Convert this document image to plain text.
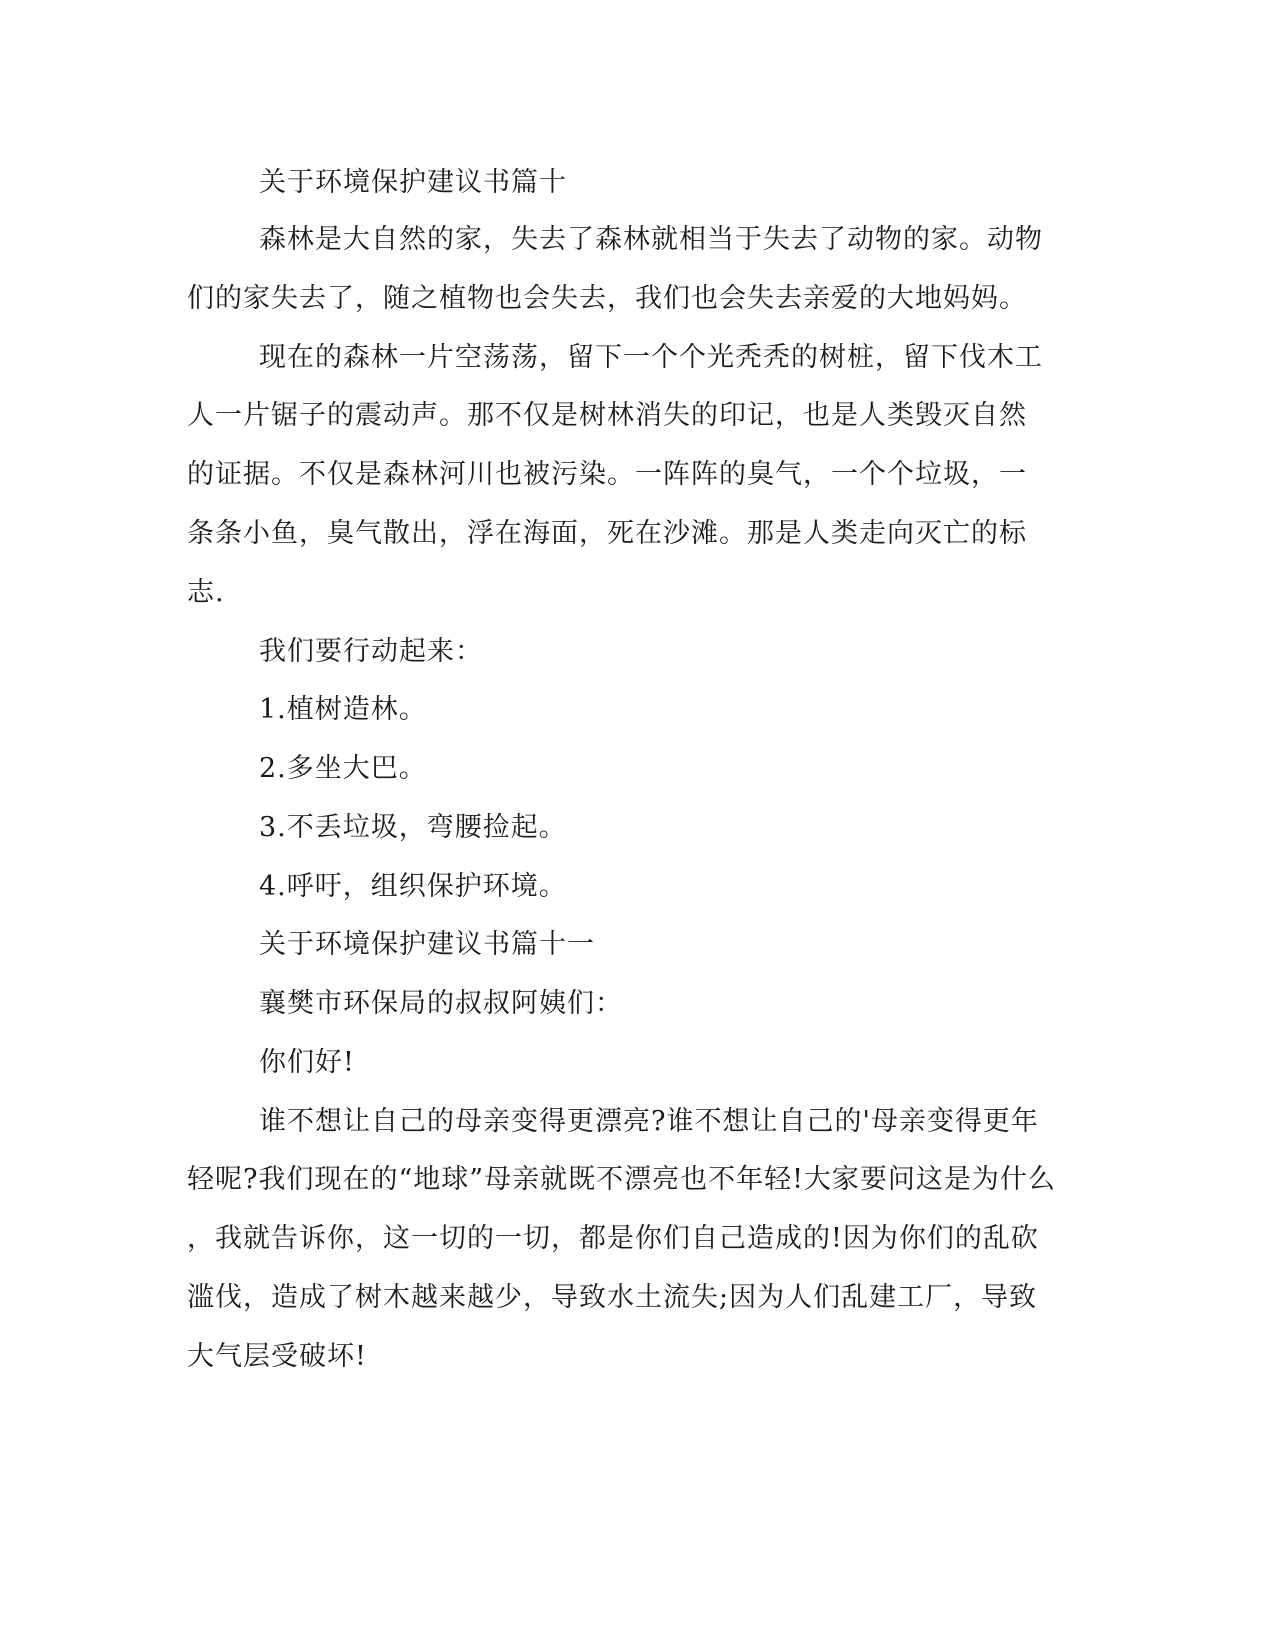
关于环境保护建议书篇十
森林是大自然的家，失去了森林就相当于失去了动物的家。动物
们的家失去了，随之植物也会失去，我们也会失去亲爱的大地妈妈。
现在的森林一片空荡荡，留下一个个光秃秃的树桩，留下伐木工
人一片锯子的震动声。那不仅是树林消失的印记，也是人类毁灭自然
的证据。不仅是森林河川也被污染。一阵阵的臭气，一个个垃圾，一
条条小鱼，臭气散出，浮在海面，死在沙滩。那是人类走向灭亡的标
志.
我们要行动起来：
1.植树造林。
2.多坐大巴。
3.不丢垃圾，弯腰捡起。
4.呼吁，组织保护环境。
关于环境保护建议书篇十一
襄樊市环保局的叔叔阿姨们：
你们好!
谁不想让自己的母亲变得更漂亮?谁不想让自己的'母亲变得更年
轻呢?我们现在的“地球”母亲就既不漂亮也不年轻!大家要问这是为什么
，我就告诉你，这一切的一切，都是你们自己造成的!因为你们的乱砍
滥伐，造成了树木越来越少，导致水土流失;因为人们乱建工厂，导致
大气层受破坏!
